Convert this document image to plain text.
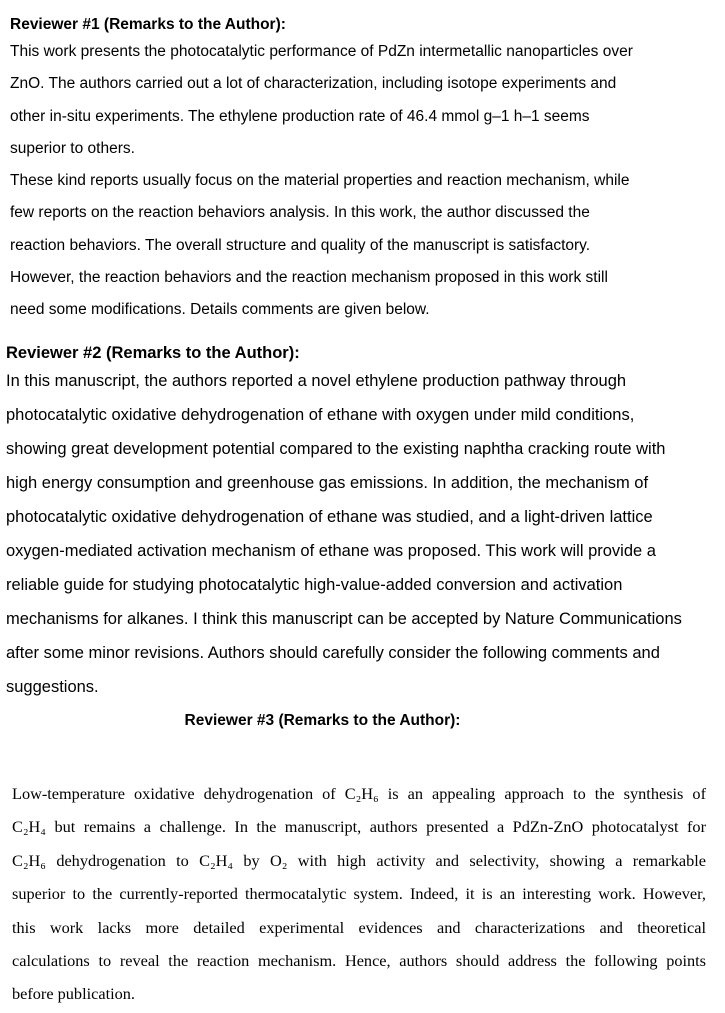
Reviewer #1 (Remarks to the Author):
This work presents the photocatalytic performance of PdZn intermetallic nanoparticles over
ZnO. The authors carried out a lot of characterization, including isotope experiments and
other in-situ experiments. The ethylene production rate of 46.4 mmol g–1 h–1 seems
superior to others.
These kind reports usually focus on the material properties and reaction mechanism, while
few reports on the reaction behaviors analysis. In this work, the author discussed the
reaction behaviors. The overall structure and quality of the manuscript is satisfactory.
However, the reaction behaviors and the reaction mechanism proposed in this work still
need some modifications. Details comments are given below.
Reviewer #2 (Remarks to the Author):
In this manuscript, the authors reported a novel ethylene production pathway through
photocatalytic oxidative dehydrogenation of ethane with oxygen under mild conditions,
showing great development potential compared to the existing naphtha cracking route with
high energy consumption and greenhouse gas emissions. In addition, the mechanism of
photocatalytic oxidative dehydrogenation of ethane was studied, and a light-driven lattice
oxygen-mediated activation mechanism of ethane was proposed. This work will provide a
reliable guide for studying photocatalytic high-value-added conversion and activation
mechanisms for alkanes. I think this manuscript can be accepted by Nature Communications
after some minor revisions. Authors should carefully consider the following comments and
suggestions.
Reviewer #3 (Remarks to the Author):
Low-temperature oxidative dehydrogenation of C₂H₆ is an appealing approach to the synthesis of
C₂H₄ but remains a challenge. In the manuscript, authors presented a PdZn-ZnO photocatalyst for
C₂H₆ dehydrogenation to C₂H₄ by O₂ with high activity and selectivity, showing a remarkable
superior to the currently-reported thermocatalytic system. Indeed, it is an interesting work. However,
this work lacks more detailed experimental evidences and characterizations and theoretical
calculations to reveal the reaction mechanism. Hence, authors should address the following points
before publication.
